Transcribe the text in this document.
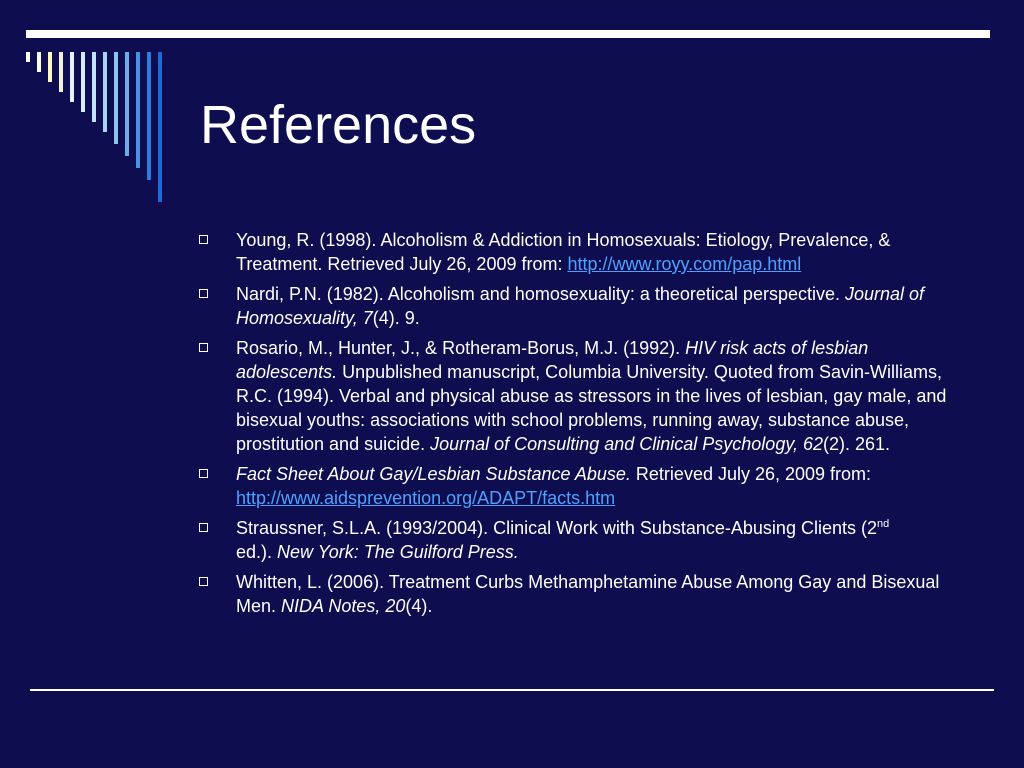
References
Young, R. (1998). Alcoholism & Addiction in Homosexuals: Etiology, Prevalence, & Treatment. Retrieved July 26, 2009 from: http://www.royy.com/pap.html
Nardi, P.N. (1982). Alcoholism and homosexuality: a theoretical perspective. Journal of Homosexuality, 7(4). 9.
Rosario, M., Hunter, J., & Rotheram-Borus, M.J. (1992). HIV risk acts of lesbian adolescents. Unpublished manuscript, Columbia University. Quoted from Savin-Williams, R.C. (1994). Verbal and physical abuse as stressors in the lives of lesbian, gay male, and bisexual youths: associations with school problems, running away, substance abuse, prostitution and suicide. Journal of Consulting and Clinical Psychology, 62(2). 261.
Fact Sheet About Gay/Lesbian Substance Abuse. Retrieved July 26, 2009 from:
http://www.aidsprevention.org/ADAPT/facts.htm
Straussner, S.L.A. (1993/2004). Clinical Work with Substance-Abusing Clients (2nd
ed.). New York: The Guilford Press.
Whitten, L. (2006). Treatment Curbs Methamphetamine Abuse Among Gay and Bisexual Men. NIDA Notes, 20(4).
